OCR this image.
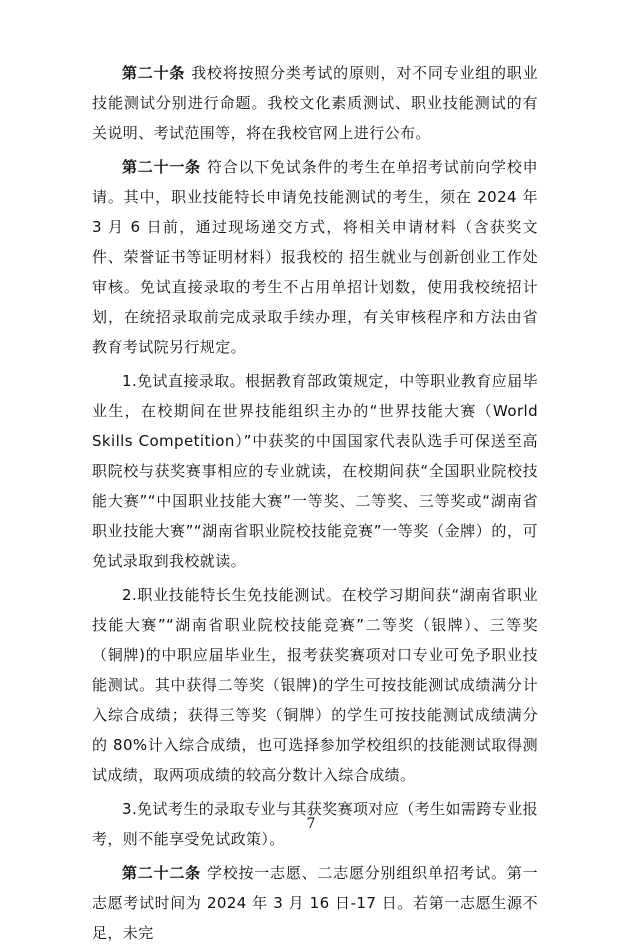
第二十条 我校将按照分类考试的原则，对不同专业组的职业技能测试分别进行命题。我校文化素质测试、职业技能测试的有关说明、考试范围等，将在我校官网上进行公布。

第二十一条 符合以下免试条件的考生在单招考试前向学校申请。其中，职业技能特长申请免技能测试的考生，须在 2024 年 3 月 6 日前，通过现场递交方式，将相关申请材料（含获奖文件、荣誉证书等证明材料）报我校的 招生就业与创新创业工作处审核。免试直接录取的考生不占用单招计划数，使用我校统招计划，在统招录取前完成录取手续办理，有关审核程序和方法由省教育考试院另行规定。

1.免试直接录取。根据教育部政策规定，中等职业教育应届毕业生，在校期间在世界技能组织主办的“世界技能大赛（World Skills Competition）”中获奖的中国国家代表队选手可保送至高职院校与获奖赛事相应的专业就读，在校期间获“全国职业院校技能大赛”“中国职业技能大赛”一等奖、二等奖、三等奖或“湖南省职业技能大赛”“湖南省职业院校技能竞赛”一等奖（金牌）的，可免试录取到我校就读。

2.职业技能特长生免技能测试。在校学习期间获“湖南省职业技能大赛”“湖南省职业院校技能竞赛”二等奖（银牌）、三等奖（铜牌)的中职应届毕业生，报考获奖赛项对口专业可免予职业技能测试。其中获得二等奖（银牌)的学生可按技能测试成绩满分计入综合成绩；获得三等奖（铜牌）的学生可按技能测试成绩满分的 80%计入综合成绩，也可选择参加学校组织的技能测试取得测试成绩，取两项成绩的较高分数计入综合成绩。

3.免试考生的录取专业与其获奖赛项对应（考生如需跨专业报考，则不能享受免试政策）。

第二十二条 学校按一志愿、二志愿分别组织单招考试。第一志愿考试时间为 2024 年 3 月 16 日-17 日。若第一志愿生源不足，未完

7
